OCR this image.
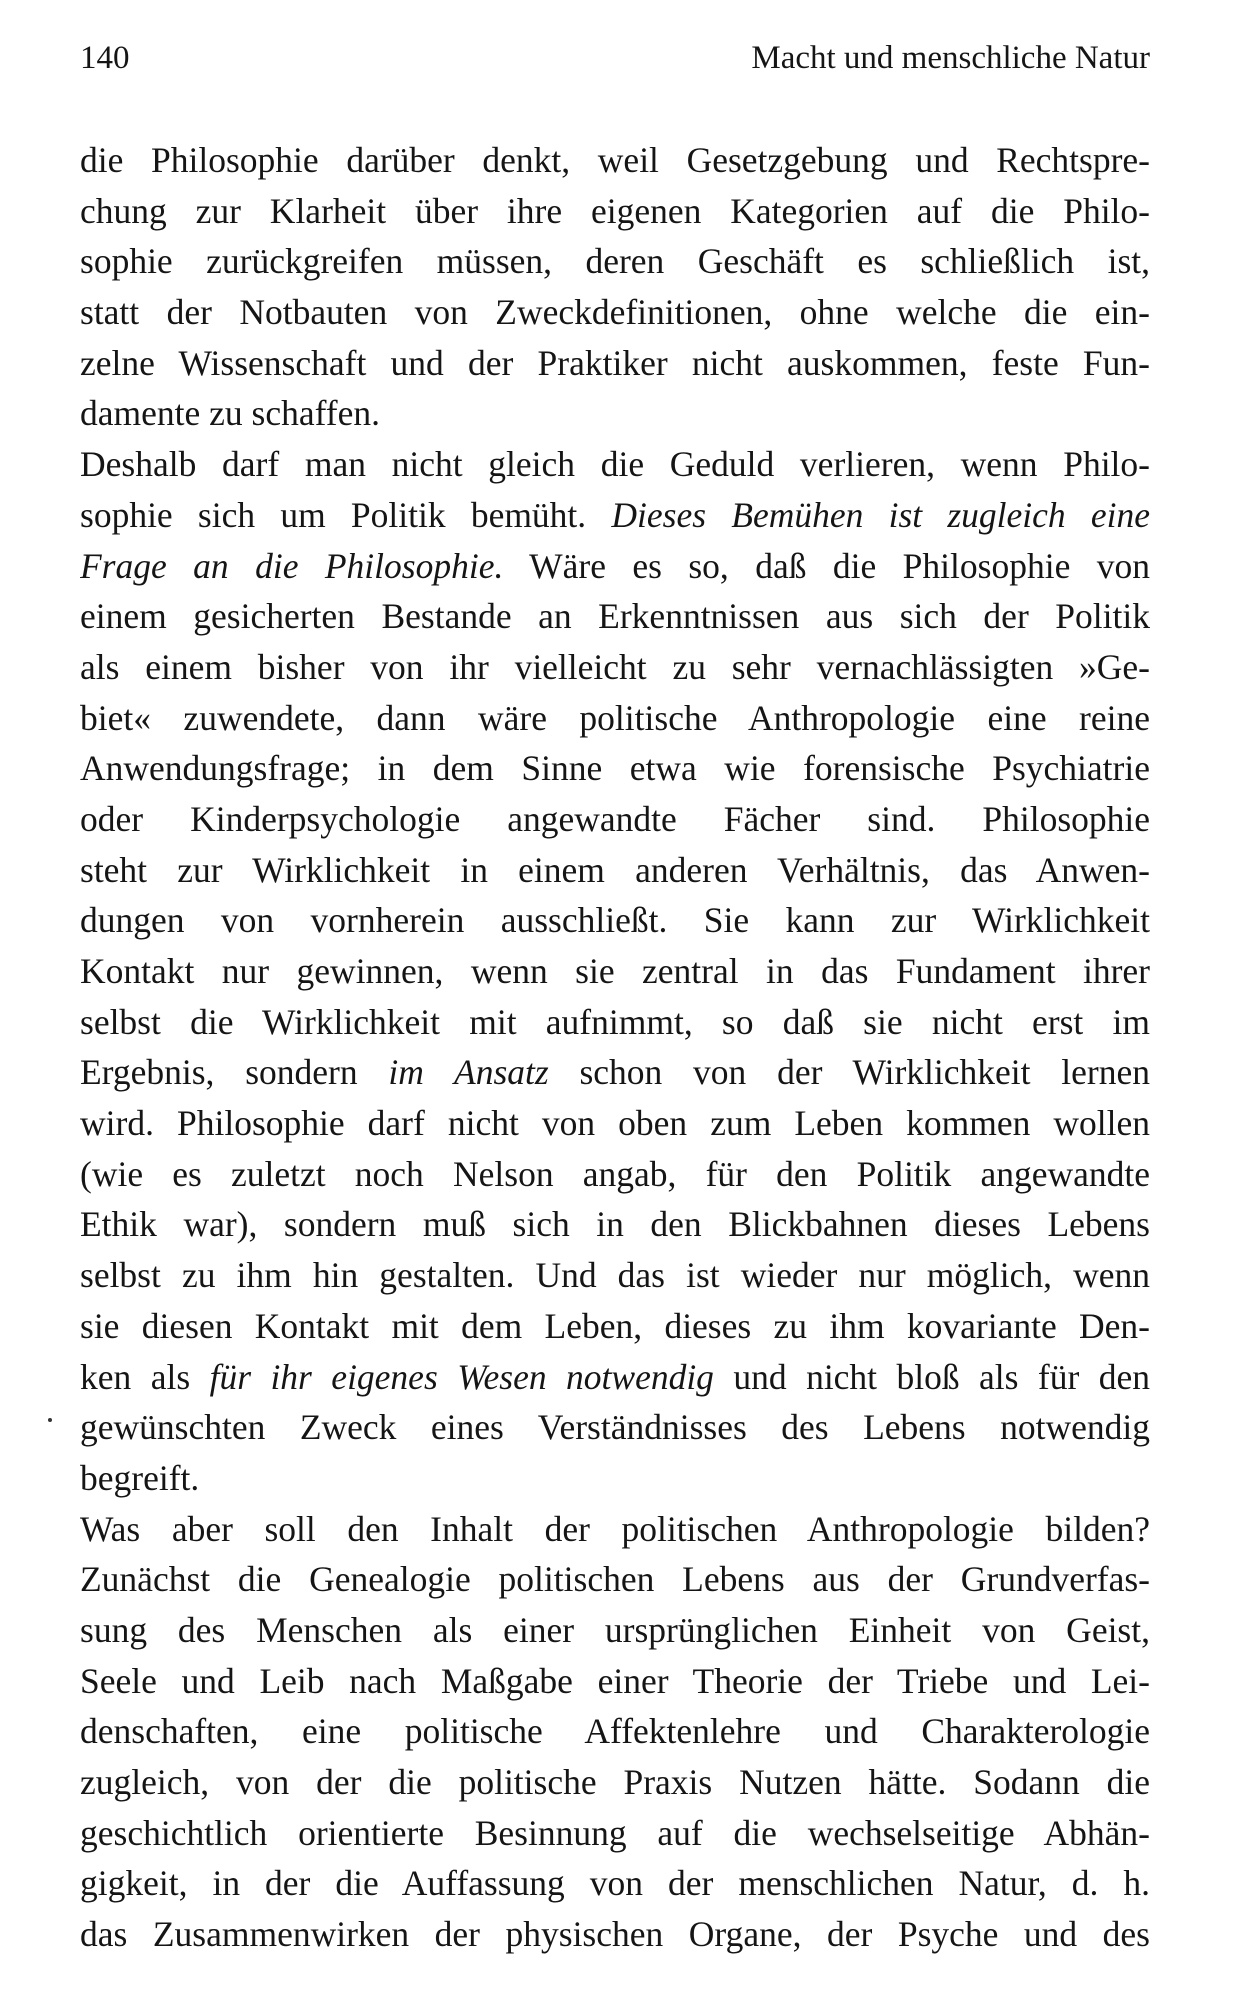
140	Macht und menschliche Natur
die Philosophie darüber denkt, weil Gesetzgebung und Rechtspre-
chung zur Klarheit über ihre eigenen Kategorien auf die Philo-
sophie zurückgreifen müssen, deren Geschäft es schließlich ist,
statt der Notbauten von Zweckdefinitionen, ohne welche die ein-
zelne Wissenschaft und der Praktiker nicht auskommen, feste Fun-
damente zu schaffen.
Deshalb darf man nicht gleich die Geduld verlieren, wenn Philo-
sophie sich um Politik bemüht. Dieses Bemühen ist zugleich eine
Frage an die Philosophie. Wäre es so, daß die Philosophie von
einem gesicherten Bestande an Erkenntnissen aus sich der Politik
als einem bisher von ihr vielleicht zu sehr vernachlässigten »Ge-
biet« zuwendete, dann wäre politische Anthropologie eine reine
Anwendungsfrage; in dem Sinne etwa wie forensische Psychiatrie
oder Kinderpsychologie angewandte Fächer sind. Philosophie
steht zur Wirklichkeit in einem anderen Verhältnis, das Anwen-
dungen von vornherein ausschließt. Sie kann zur Wirklichkeit
Kontakt nur gewinnen, wenn sie zentral in das Fundament ihrer
selbst die Wirklichkeit mit aufnimmt, so daß sie nicht erst im
Ergebnis, sondern im Ansatz schon von der Wirklichkeit lernen
wird. Philosophie darf nicht von oben zum Leben kommen wollen
(wie es zuletzt noch Nelson angab, für den Politik angewandte
Ethik war), sondern muß sich in den Blickbahnen dieses Lebens
selbst zu ihm hin gestalten. Und das ist wieder nur möglich, wenn
sie diesen Kontakt mit dem Leben, dieses zu ihm kovariante Den-
ken als für ihr eigenes Wesen notwendig und nicht bloß als für den
gewünschten Zweck eines Verständnisses des Lebens notwendig
begreift.
Was aber soll den Inhalt der politischen Anthropologie bilden?
Zunächst die Genealogie politischen Lebens aus der Grundverfas-
sung des Menschen als einer ursprünglichen Einheit von Geist,
Seele und Leib nach Maßgabe einer Theorie der Triebe und Lei-
denschaften, eine politische Affektenlehre und Charakterologie
zugleich, von der die politische Praxis Nutzen hätte. Sodann die
geschichtlich orientierte Besinnung auf die wechselseitige Abhän-
gigkeit, in der die Auffassung von der menschlichen Natur, d. h.
das Zusammenwirken der physischen Organe, der Psyche und des
